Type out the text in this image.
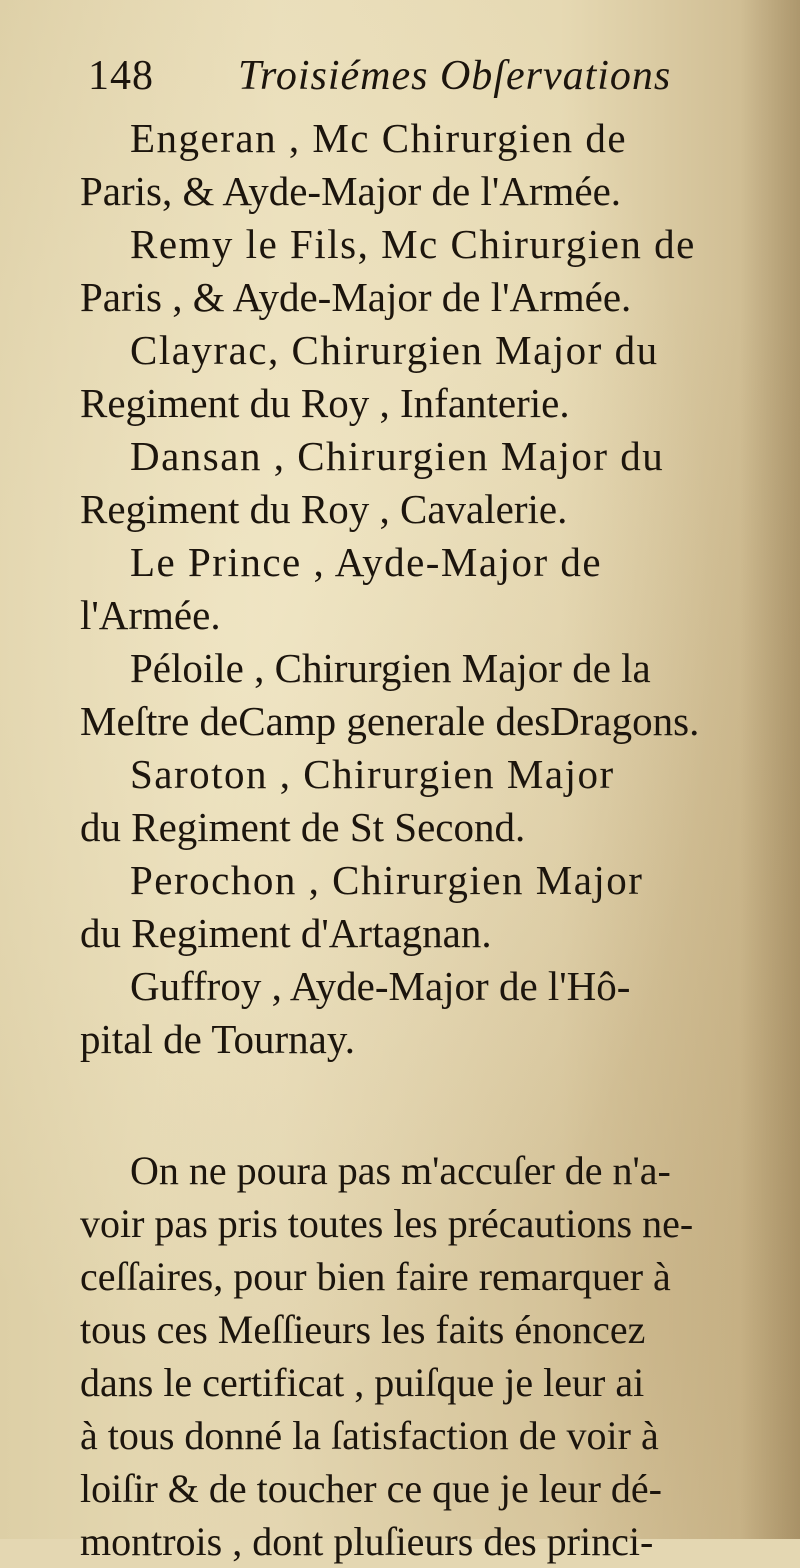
148 Troisiémes Obſervations
Engeran , Mc Chirurgien de
Paris, & Ayde-Major de l'Armée.
Remy le Fils, Mc Chirurgien de
Paris , & Ayde-Major de l'Armée.
Clayrac, Chirurgien Major du
Regiment du Roy , Infanterie.
Dansan , Chirurgien Major du
Regiment du Roy , Cavalerie.
Le Prince , Ayde-Major de
l'Armée.
Péloile , Chirurgien Major de la
Meſtre deCamp generale desDragons.
Saroton , Chirurgien Major
du Regiment de St Second.
Perochon , Chirurgien Major
du Regiment d'Artagnan.
Guffroy , Ayde-Major de l'Hô-
pital de Tournay.
On ne poura pas m'accuſer de n'a-
voir pas pris toutes les précautions ne-
ceſſaires, pour bien faire remarquer à
tous ces Meſſieurs les faits énoncez
dans le certificat , puiſque je leur ai
à tous donné la ſatisfaction de voir à
loiſir & de toucher ce que je leur dé-
montrois , dont pluſieurs des princi-
